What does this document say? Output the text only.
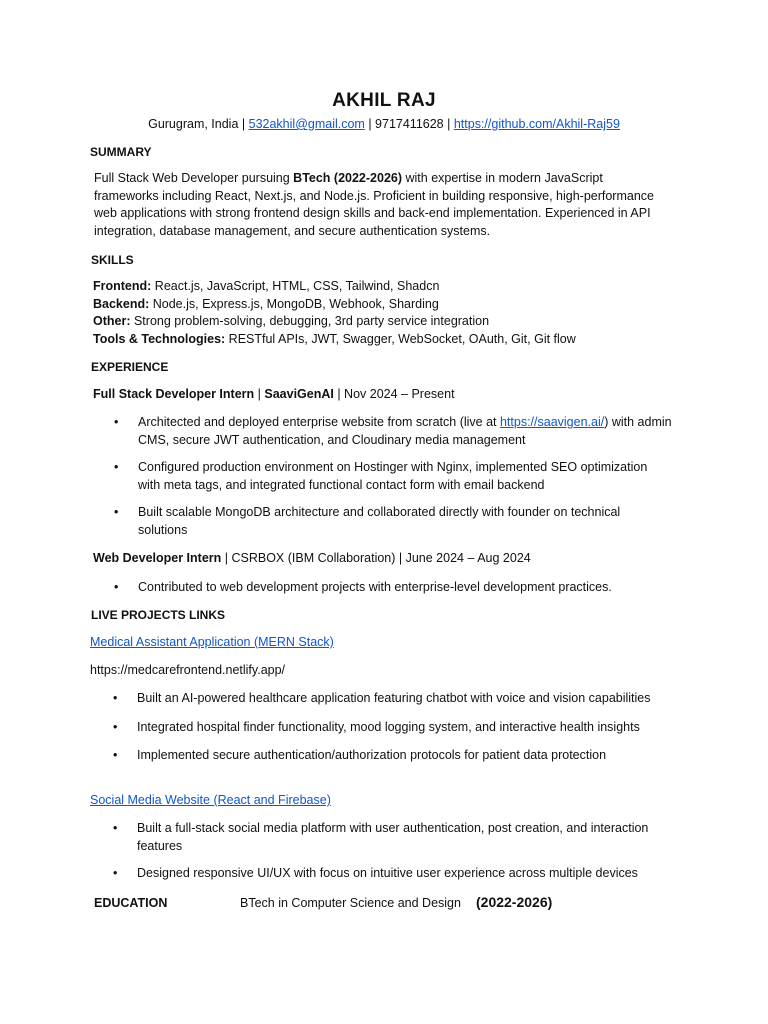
AKHIL RAJ
Gurugram, India | 532akhil@gmail.com | 9717411628 | https://github.com/Akhil-Raj59
SUMMARY
Full Stack Web Developer pursuing BTech (2022-2026) with expertise in modern JavaScript frameworks including React, Next.js, and Node.js. Proficient in building responsive, high-performance web applications with strong frontend design skills and back-end implementation. Experienced in API integration, database management, and secure authentication systems.
SKILLS
Frontend: React.js, JavaScript, HTML, CSS, Tailwind, Shadcn
Backend: Node.js, Express.js, MongoDB, Webhook, Sharding
Other: Strong problem-solving, debugging, 3rd party service integration
Tools & Technologies: RESTful APIs, JWT, Swagger, WebSocket, OAuth, Git, Git flow
EXPERIENCE
Full Stack Developer Intern | SaaviGenAI | Nov 2024 – Present
• Architected and deployed enterprise website from scratch (live at https://saavigen.ai/) with admin CMS, secure JWT authentication, and Cloudinary media management
• Configured production environment on Hostinger with Nginx, implemented SEO optimization with meta tags, and integrated functional contact form with email backend
• Built scalable MongoDB architecture and collaborated directly with founder on technical solutions
Web Developer Intern | CSRBOX (IBM Collaboration) | June 2024 – Aug 2024
• Contributed to web development projects with enterprise-level development practices.
LIVE PROJECTS LINKS
Medical Assistant Application (MERN Stack)
https://medcarefrontend.netlify.app/
• Built an AI-powered healthcare application featuring chatbot with voice and vision capabilities
• Integrated hospital finder functionality, mood logging system, and interactive health insights
• Implemented secure authentication/authorization protocols for patient data protection
Social Media Website (React and Firebase)
• Built a full-stack social media platform with user authentication, post creation, and interaction features
• Designed responsive UI/UX with focus on intuitive user experience across multiple devices
EDUCATION	BTech in Computer Science and Design (2022-2026)
